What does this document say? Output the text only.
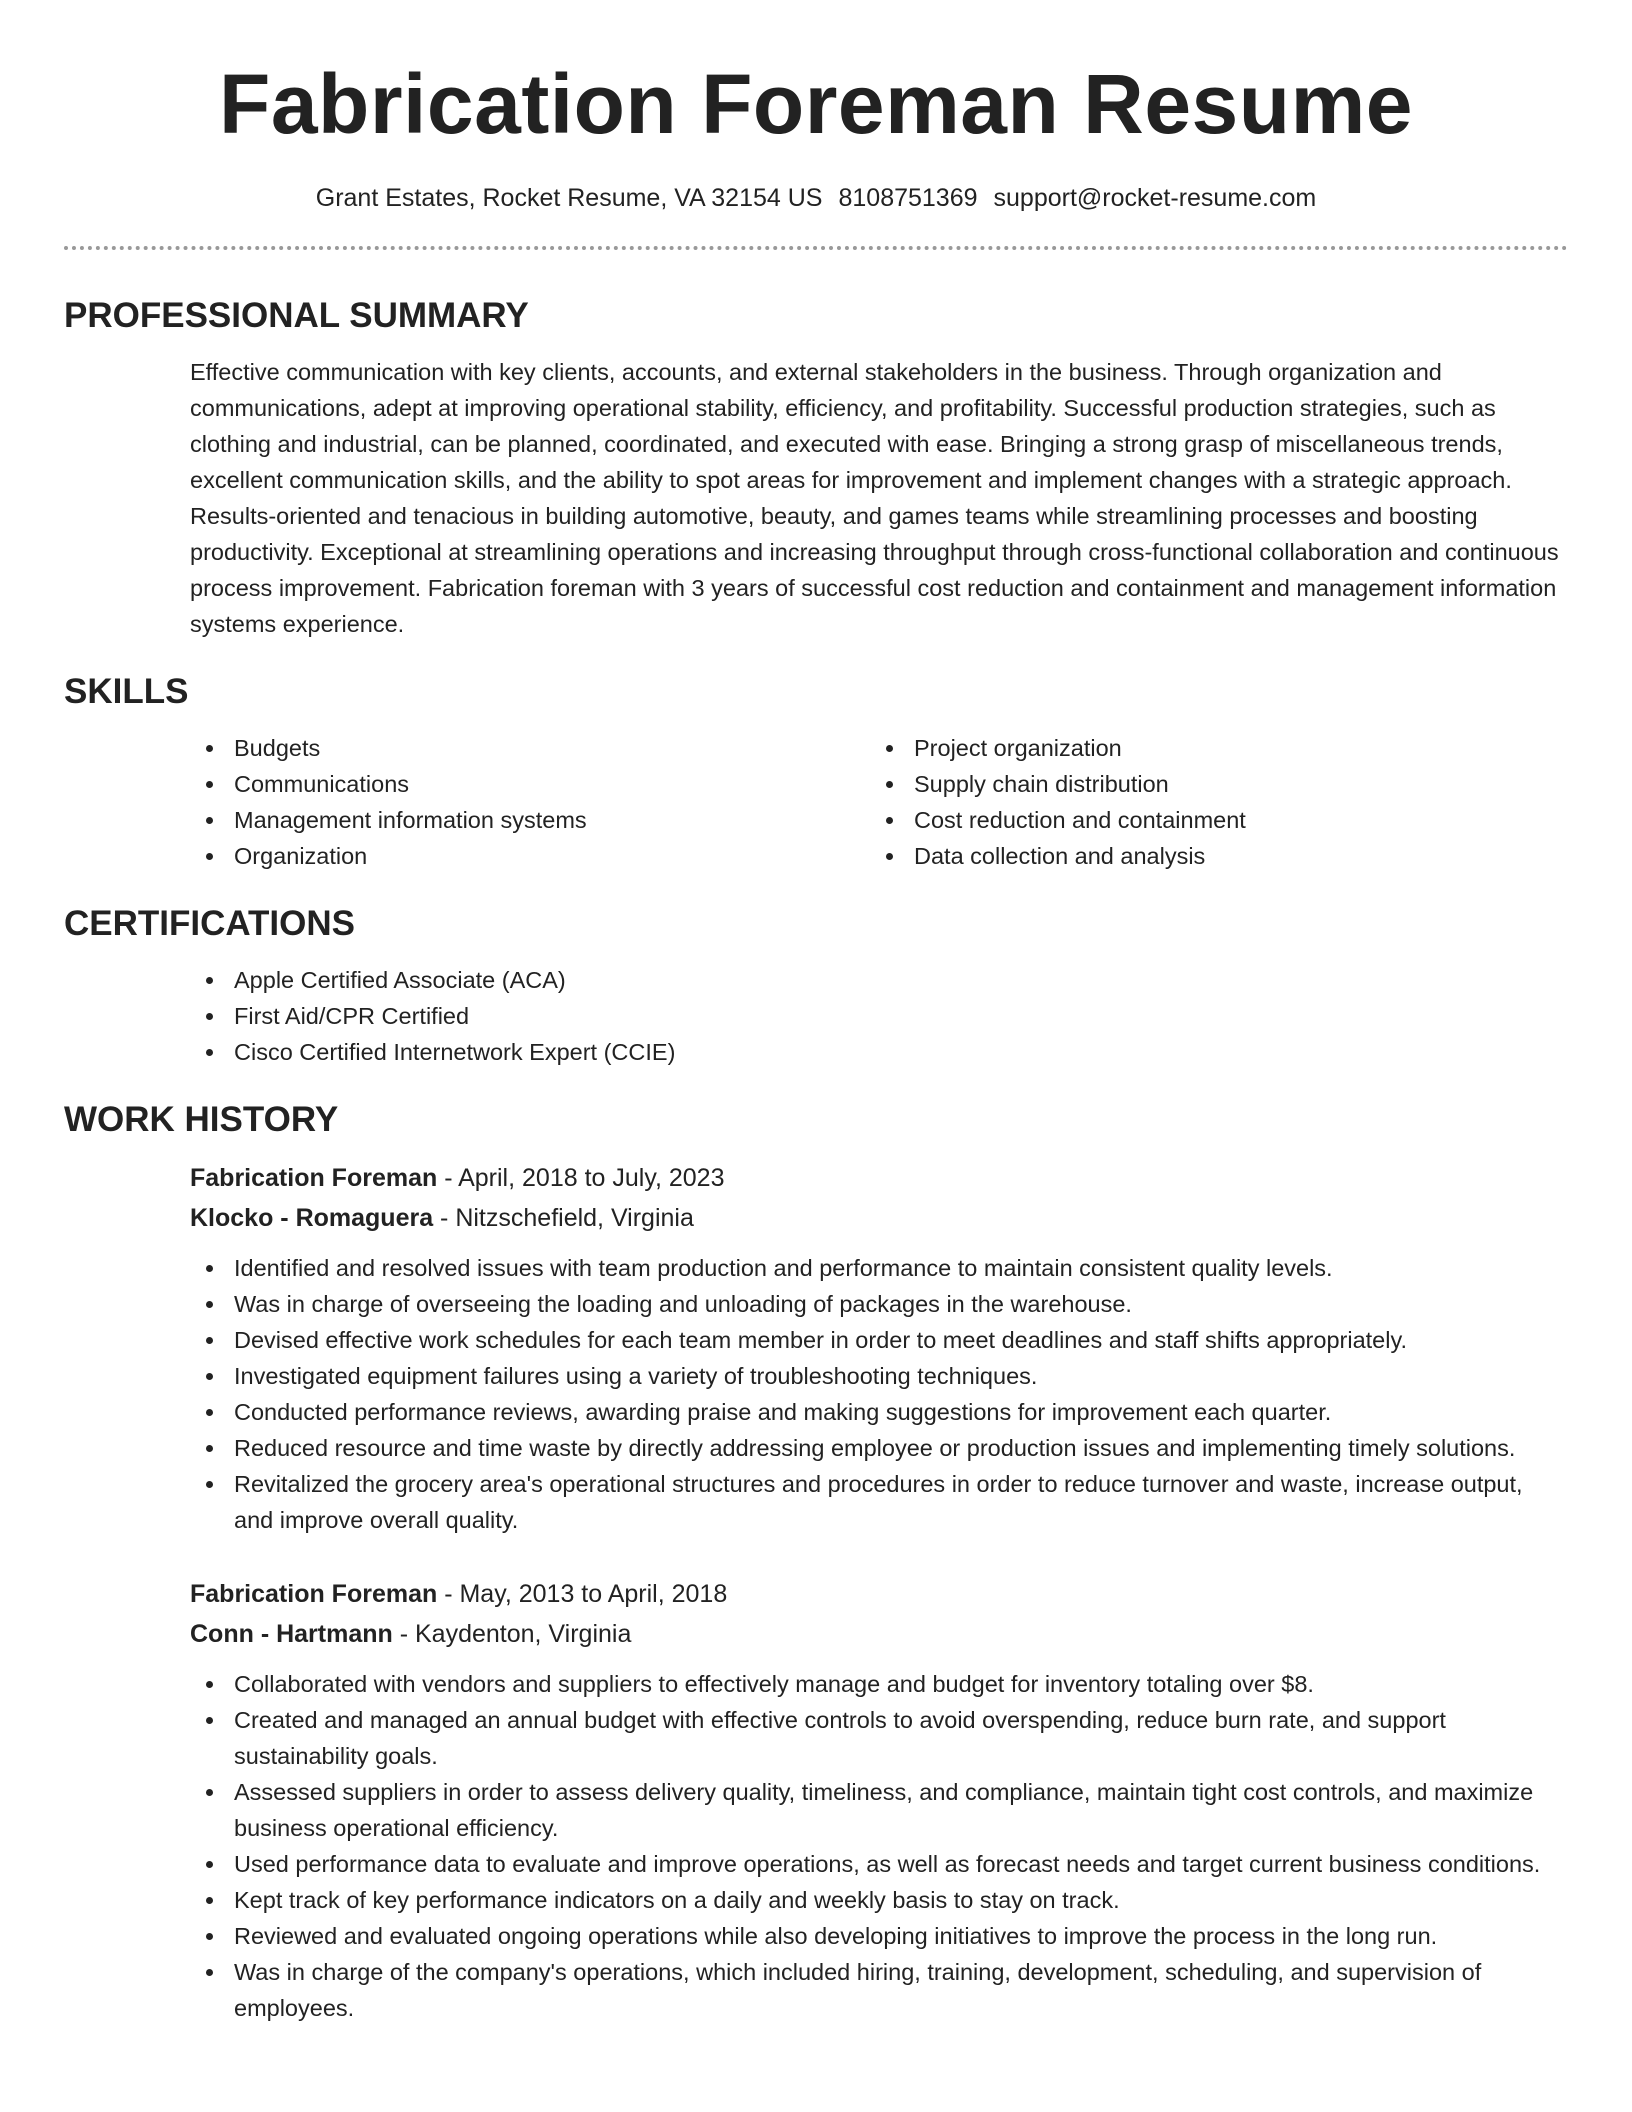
Fabrication Foreman Resume
Grant Estates, Rocket Resume, VA 32154 US 8108751369 support@rocket-resume.com
PROFESSIONAL SUMMARY
Effective communication with key clients, accounts, and external stakeholders in the business. Through organization and communications, adept at improving operational stability, efficiency, and profitability. Successful production strategies, such as clothing and industrial, can be planned, coordinated, and executed with ease. Bringing a strong grasp of miscellaneous trends, excellent communication skills, and the ability to spot areas for improvement and implement changes with a strategic approach. Results-oriented and tenacious in building automotive, beauty, and games teams while streamlining processes and boosting productivity. Exceptional at streamlining operations and increasing throughput through cross-functional collaboration and continuous process improvement. Fabrication foreman with 3 years of successful cost reduction and containment and management information systems experience.
SKILLS
Budgets
Communications
Management information systems
Organization
Project organization
Supply chain distribution
Cost reduction and containment
Data collection and analysis
CERTIFICATIONS
Apple Certified Associate (ACA)
First Aid/CPR Certified
Cisco Certified Internetwork Expert (CCIE)
WORK HISTORY
Fabrication Foreman - April, 2018 to July, 2023
Klocko - Romaguera - Nitzschefield, Virginia
Identified and resolved issues with team production and performance to maintain consistent quality levels.
Was in charge of overseeing the loading and unloading of packages in the warehouse.
Devised effective work schedules for each team member in order to meet deadlines and staff shifts appropriately.
Investigated equipment failures using a variety of troubleshooting techniques.
Conducted performance reviews, awarding praise and making suggestions for improvement each quarter.
Reduced resource and time waste by directly addressing employee or production issues and implementing timely solutions.
Revitalized the grocery area's operational structures and procedures in order to reduce turnover and waste, increase output, and improve overall quality.
Fabrication Foreman - May, 2013 to April, 2018
Conn - Hartmann - Kaydenton, Virginia
Collaborated with vendors and suppliers to effectively manage and budget for inventory totaling over $8.
Created and managed an annual budget with effective controls to avoid overspending, reduce burn rate, and support sustainability goals.
Assessed suppliers in order to assess delivery quality, timeliness, and compliance, maintain tight cost controls, and maximize business operational efficiency.
Used performance data to evaluate and improve operations, as well as forecast needs and target current business conditions.
Kept track of key performance indicators on a daily and weekly basis to stay on track.
Reviewed and evaluated ongoing operations while also developing initiatives to improve the process in the long run.
Was in charge of the company's operations, which included hiring, training, development, scheduling, and supervision of employees.
